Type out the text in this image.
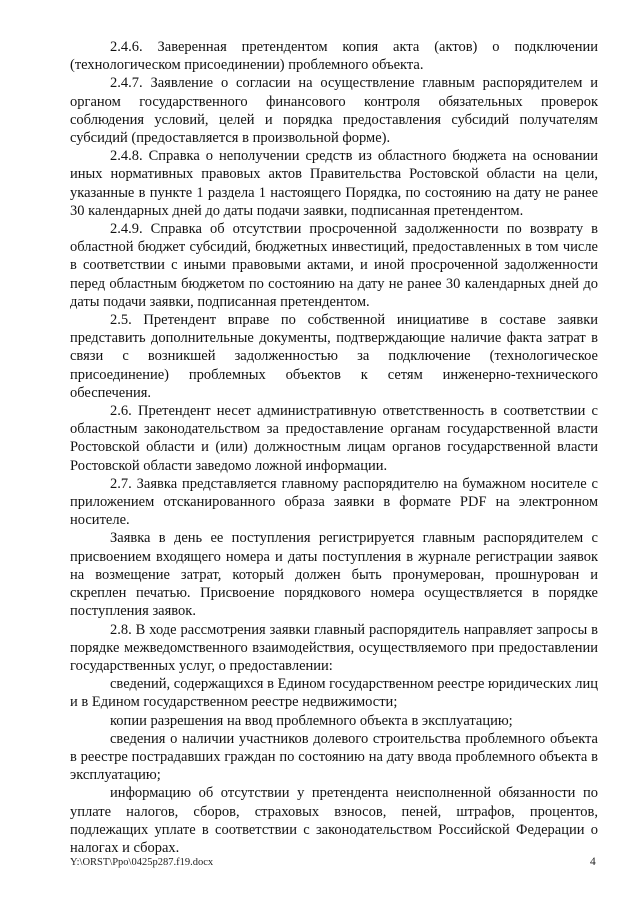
2.4.6. Заверенная претендентом копия акта (актов) о подключении (технологическом присоединении) проблемного объекта.

2.4.7. Заявление о согласии на осуществление главным распорядителем и органом государственного финансового контроля обязательных проверок соблюдения условий, целей и порядка предоставления субсидий получателям субсидий (предоставляется в произвольной форме).

2.4.8. Справка о неполучении средств из областного бюджета на основании иных нормативных правовых актов Правительства Ростовской области на цели, указанные в пункте 1 раздела 1 настоящего Порядка, по состоянию на дату не ранее 30 календарных дней до даты подачи заявки, подписанная претендентом.

2.4.9. Справка об отсутствии просроченной задолженности по возврату в областной бюджет субсидий, бюджетных инвестиций, предоставленных в том числе в соответствии с иными правовыми актами, и иной просроченной задолженности перед областным бюджетом по состоянию на дату не ранее 30 календарных дней до даты подачи заявки, подписанная претендентом.

2.5. Претендент вправе по собственной инициативе в составе заявки представить дополнительные документы, подтверждающие наличие факта затрат в связи с возникшей задолженностью за подключение (технологическое присоединение) проблемных объектов к сетям инженерно-технического обеспечения.

2.6. Претендент несет административную ответственность в соответствии с областным законодательством за предоставление органам государственной власти Ростовской области и (или) должностным лицам органов государственной власти Ростовской области заведомо ложной информации.

2.7. Заявка представляется главному распорядителю на бумажном носителе с приложением отсканированного образа заявки в формате PDF на электронном носителе.

Заявка в день ее поступления регистрируется главным распорядителем с присвоением входящего номера и даты поступления в журнале регистрации заявок на возмещение затрат, который должен быть пронумерован, прошнурован и скреплен печатью. Присвоение порядкового номера осуществляется в порядке поступления заявок.

2.8. В ходе рассмотрения заявки главный распорядитель направляет запросы в порядке межведомственного взаимодействия, осуществляемого при предоставлении государственных услуг, о предоставлении:

сведений, содержащихся в Едином государственном реестре юридических лиц и в Едином государственном реестре недвижимости;

копии разрешения на ввод проблемного объекта в эксплуатацию;

сведения о наличии участников долевого строительства проблемного объекта в реестре пострадавших граждан по состоянию на дату ввода проблемного объекта в эксплуатацию;

информацию об отсутствии у претендента неисполненной обязанности по уплате налогов, сборов, страховых взносов, пеней, штрафов, процентов, подлежащих уплате в соответствии с законодательством Российской Федерации о налогах и сборах.

Y:\ORST\Ppo\0425p287.f19.docx	4
